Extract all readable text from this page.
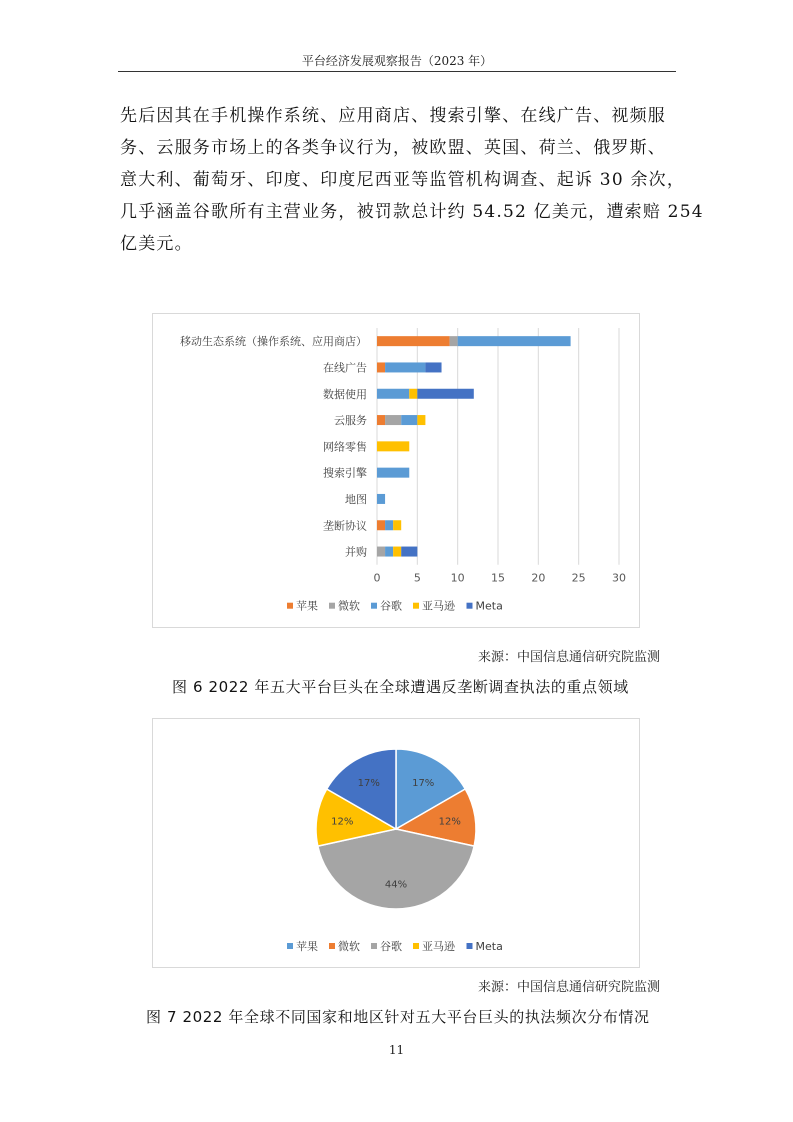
平台经济发展观察报告（2023 年）
先后因其在手机操作系统、应用商店、搜索引擎、在线广告、视频服
务、云服务市场上的各类争议行为，被欧盟、英国、荷兰、俄罗斯、
意大利、葡萄牙、印度、印度尼西亚等监管机构调查、起诉 30 余次，
几乎涵盖谷歌所有主营业务，被罚款总计约 54.52 亿美元，遭索赔 254
亿美元。
0	5	10 15 20 25 30
移动生态系统（操作系统、应用商店）
在线广告
数据使用
云服务
网络零售
搜索引擎
地图
垄断协议
并购
苹果 微软 谷歌 亚马逊 Meta
来源：中国信息通信研究院监测
图 6 2022 年五大平台巨头在全球遭遇反垄断调查执法的重点领域
17%
12%
44%
12%
17%
苹果 微软 谷歌 亚马逊 Meta
来源：中国信息通信研究院监测
图 7 2022 年全球不同国家和地区针对五大平台巨头的执法频次分布情况
11
